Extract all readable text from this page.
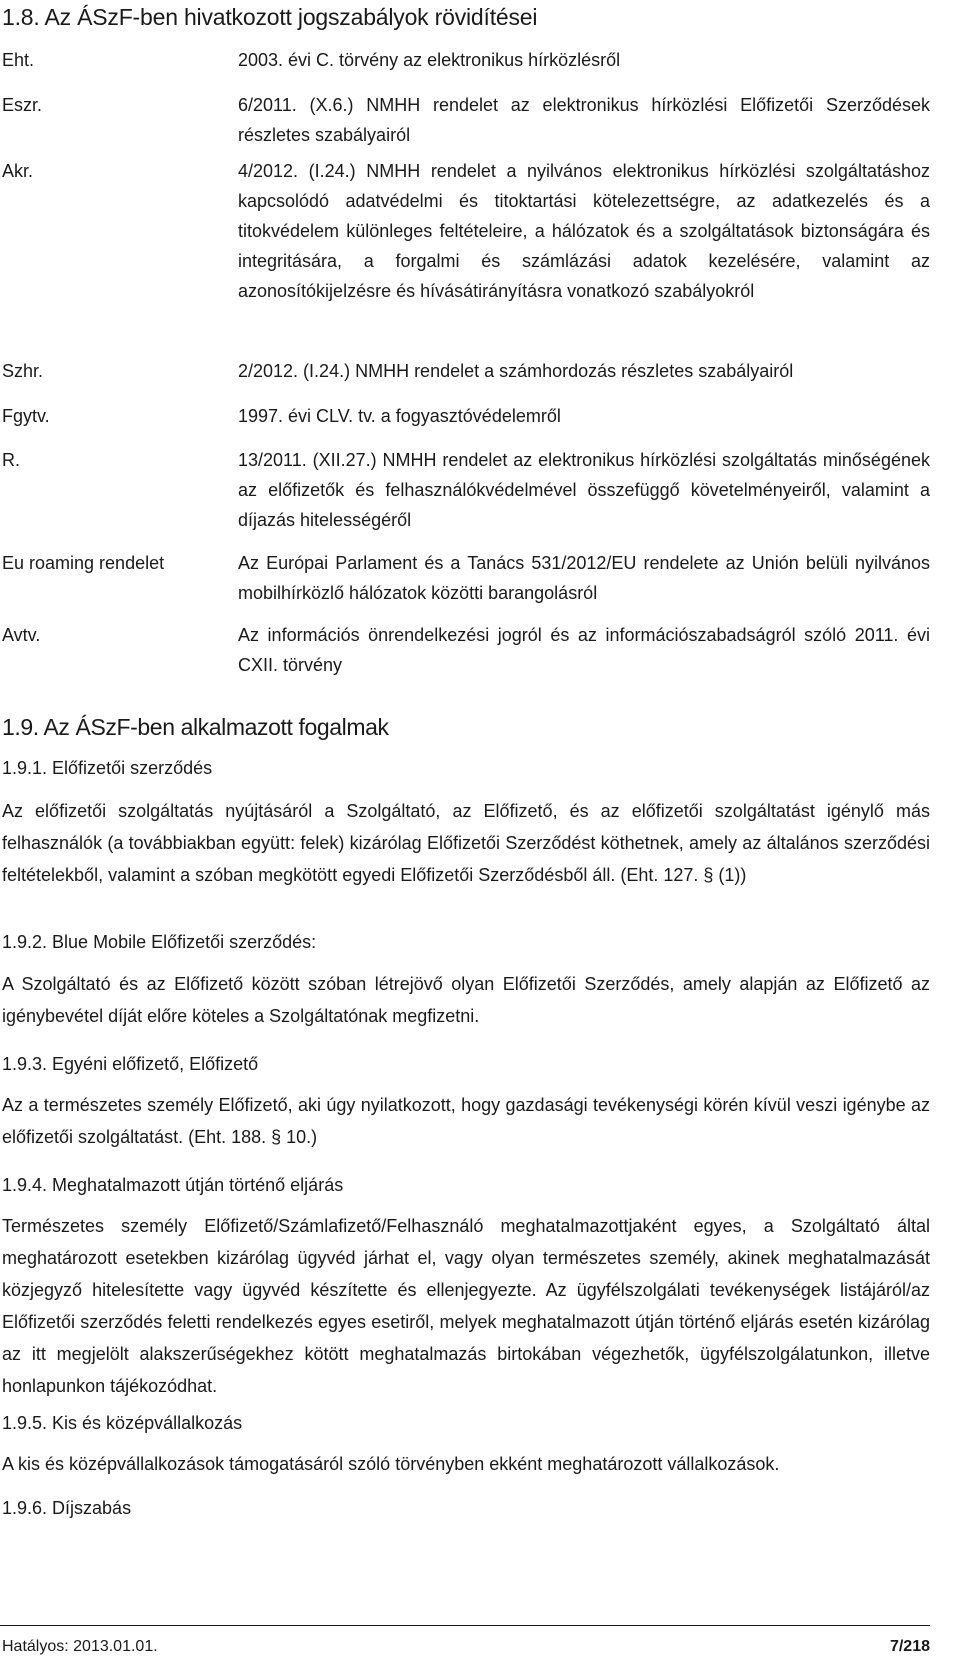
1.8. Az ÁSzF-ben hivatkozott jogszabályok rövidítései
Eht.	2003. évi C. törvény az elektronikus hírközlésről
Eszr.	6/2011. (X.6.) NMHH rendelet az elektronikus hírközlési Előfizetői Szerződések részletes szabályairól
Akr.	4/2012. (I.24.) NMHH rendelet a nyilvános elektronikus hírközlési szolgáltatáshoz kapcsolódó adatvédelmi és titoktartási kötelezettségre, az adatkezelés és a titokvédelem különleges feltételeire, a hálózatok és a szolgáltatások biztonságára és integritására, a forgalmi és számlázási adatok kezelésére, valamint az azonosítókijelzésre és hívásátirányításra vonatkozó szabályokról
Szhr.	2/2012. (I.24.) NMHH rendelet a számhordozás részletes szabályairól
Fgytv.	1997. évi CLV. tv. a fogyasztóvédelemről
R.	13/2011. (XII.27.) NMHH rendelet az elektronikus hírközlési szolgáltatás minőségének az előfizetők és felhasználókvédelmével összefüggő követelményeiről, valamint a díjazás hitelességéről
Eu roaming rendelet	Az Európai Parlament és a Tanács 531/2012/EU rendelete az Unión belüli nyilvános mobilhírközlő hálózatok közötti barangolásról
Avtv.	Az információs önrendelkezési jogról és az információszabadságról szóló 2011. évi CXII. törvény
1.9. Az ÁSzF-ben alkalmazott fogalmak
1.9.1. Előfizetői szerződés
Az előfizetői szolgáltatás nyújtásáról a Szolgáltató, az Előfizető, és az előfizetői szolgáltatást igénylő más felhasználók (a továbbiakban együtt: felek) kizárólag Előfizetői Szerződést köthetnek, amely az általános szerződési feltételekből, valamint a szóban megkötött egyedi Előfizetői Szerződésből áll. (Eht. 127. § (1))
1.9.2. Blue Mobile Előfizetői szerződés:
A Szolgáltató és az Előfizető között szóban létrejövő olyan Előfizetői Szerződés, amely alapján az Előfizető az igénybevétel díját előre köteles a Szolgáltatónak megfizetni.
1.9.3. Egyéni előfizető, Előfizető
Az a természetes személy Előfizető, aki úgy nyilatkozott, hogy gazdasági tevékenységi körén kívül veszi igénybe az előfizetői szolgáltatást. (Eht. 188. § 10.)
1.9.4. Meghatalmazott útján történő eljárás
Természetes személy Előfizető/Számlafizető/Felhasználó meghatalmazottjaként egyes, a Szolgáltató által meghatározott esetekben kizárólag ügyvéd járhat el, vagy olyan természetes személy, akinek meghatalmazását közjegyző hitelesítette vagy ügyvéd készítette és ellenjegyezte. Az ügyfélszolgálati tevékenységek listájáról/az Előfizetői szerződés feletti rendelkezés egyes esetiről, melyek meghatalmazott útján történő eljárás esetén kizárólag az itt megjelölt alakszerűségekhez kötött meghatalmazás birtokában végezhetők, ügyfélszolgálatunkon, illetve honlapunkon tájékozódhat.
1.9.5. Kis és középvállalkozás
A kis és középvállalkozások támogatásáról szóló törvényben ekként meghatározott vállalkozások.
1.9.6. Díjszabás
Hatályos: 2013.01.01.	7/218
